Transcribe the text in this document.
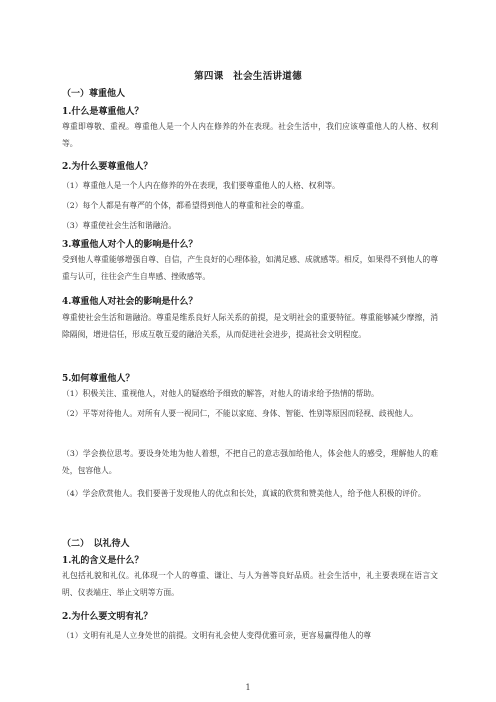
第四课　社会生活讲道德
（一）尊重他人
1.什么是尊重他人？
尊重即尊敬、重视。尊重他人是一个人内在修养的外在表现。社会生活中，我们应该尊重他人的人格、权利等。
2.为什么要尊重他人？
（1）尊重他人是一个人内在修养的外在表现，我们要尊重他人的人格、权利等。
（2）每个人都是有尊严的个体，都希望得到他人的尊重和社会的尊重。
（3）尊重使社会生活和谐融洽。
3.尊重他人对个人的影响是什么？
受到他人尊重能够增强自尊、自信，产生良好的心理体验，如满足感、成就感等。相反，如果得不到他人的尊重与认可，往往会产生自卑感、挫败感等。
4.尊重他人对社会的影响是什么？
尊重使社会生活和谐融洽。尊重是维系良好人际关系的前提，是文明社会的重要特征。尊重能够减少摩擦，消除隔阂，增进信任，形成互敬互爱的融洽关系，从而促进社会进步，提高社会文明程度。
5.如何尊重他人？
（1）积极关注、重视他人，对他人的疑惑给予细致的解答，对他人的请求给予热情的帮助。
（2）平等对待他人。对所有人要一视同仁，不能以家庭、身体、智能、性别等原因而轻视、歧视他人。
（3）学会换位思考。要设身处地为他人着想，不把自己的意志强加给他人，体会他人的感受，理解他人的难处，包容他人。
（4）学会欣赏他人。我们要善于发现他人的优点和长处，真诚的欣赏和赞美他人，给予他人积极的评价。
（二）　以礼待人
1.礼的含义是什么？
礼包括礼貌和礼仪。礼体现一个人的尊重、谦让、与人为善等良好品质。社会生活中，礼主要表现在语言文明、仪表端庄、举止文明等方面。
2.为什么要文明有礼？
（1）文明有礼是人立身处世的前提。文明有礼会使人变得优雅可亲，更容易赢得他人的尊
1
